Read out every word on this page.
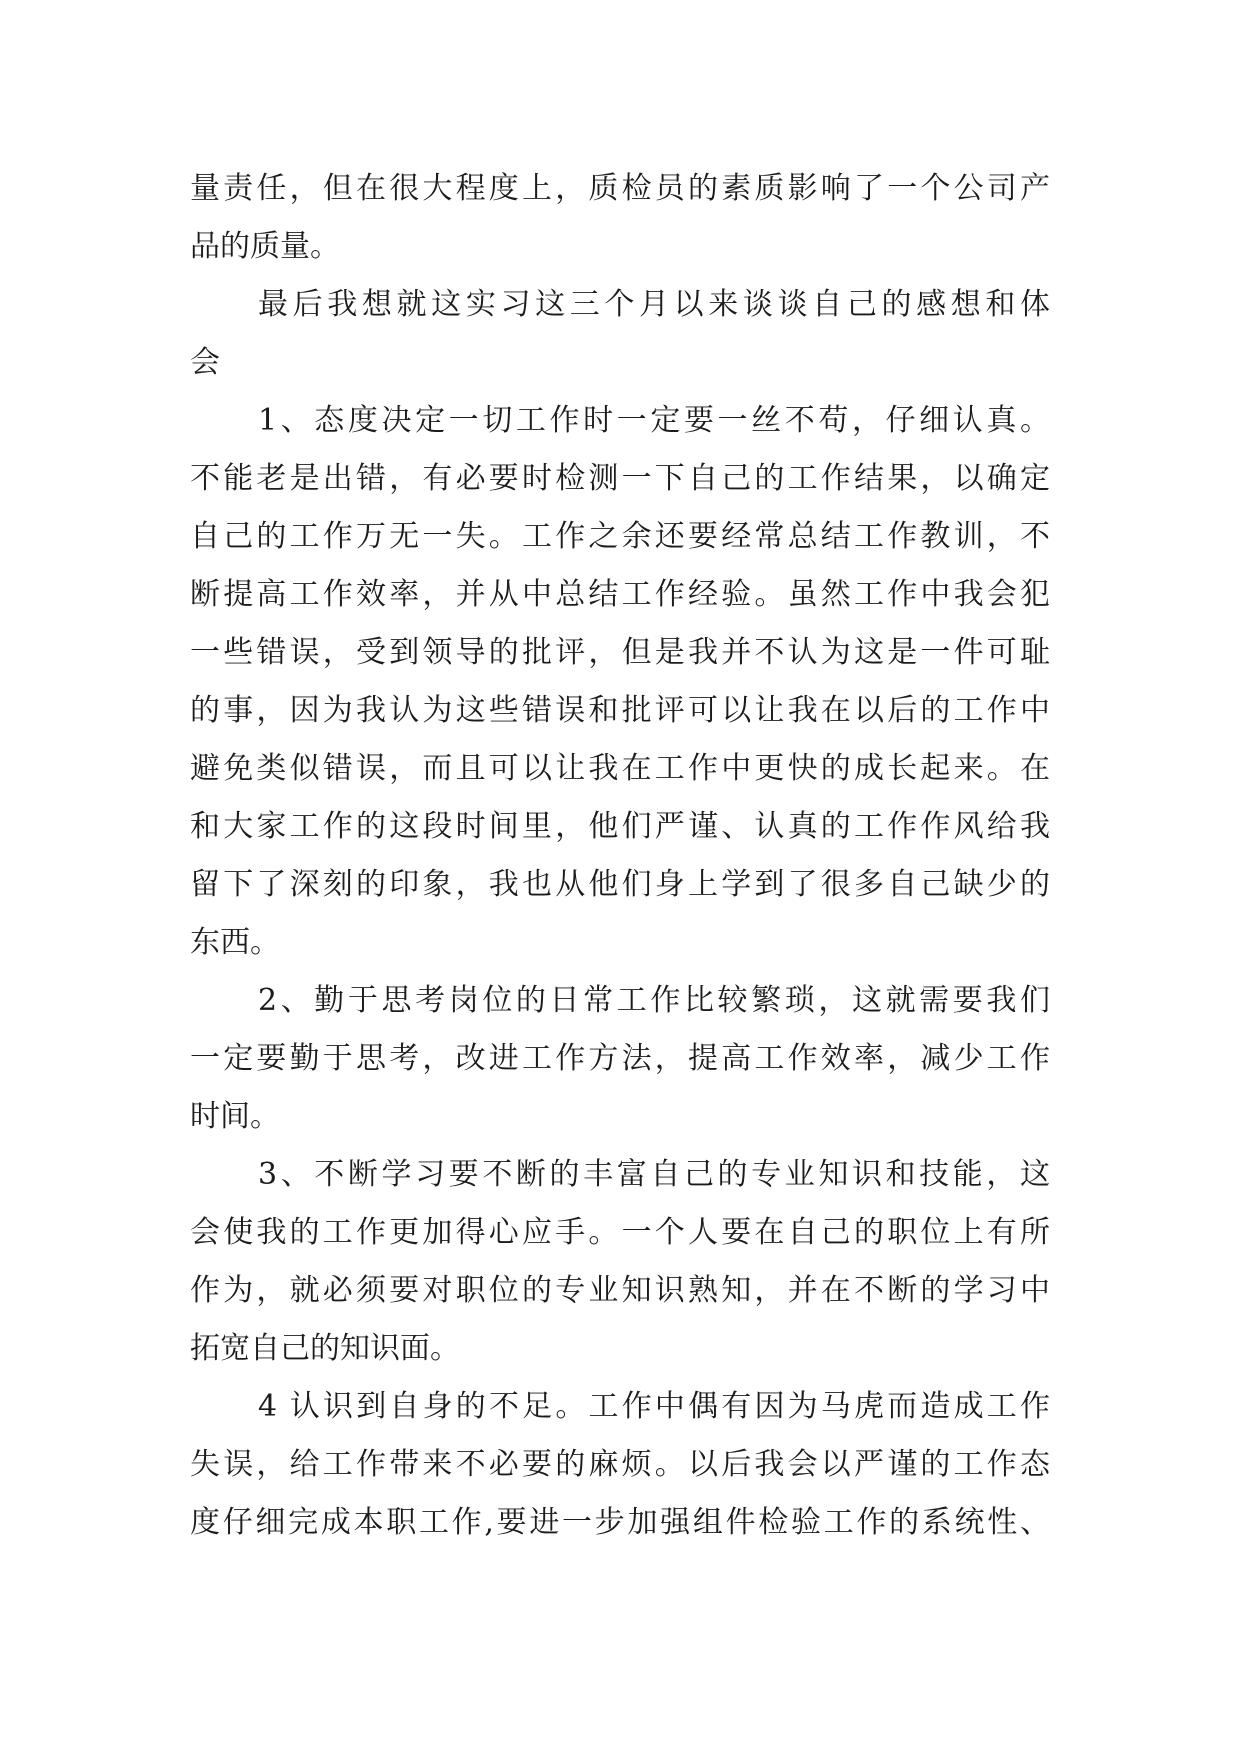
量责任，但在很大程度上，质检员的素质影响了一个公司产
品的质量。
最后我想就这实习这三个月以来谈谈自己的感想和体
会
1、态度决定一切工作时一定要一丝不苟，仔细认真。
不能老是出错，有必要时检测一下自己的工作结果，以确定
自己的工作万无一失。工作之余还要经常总结工作教训，不
断提高工作效率，并从中总结工作经验。虽然工作中我会犯
一些错误，受到领导的批评，但是我并不认为这是一件可耻
的事，因为我认为这些错误和批评可以让我在以后的工作中
避免类似错误，而且可以让我在工作中更快的成长起来。在
和大家工作的这段时间里，他们严谨、认真的工作作风给我
留下了深刻的印象，我也从他们身上学到了很多自己缺少的
东西。
2、勤于思考岗位的日常工作比较繁琐，这就需要我们
一定要勤于思考，改进工作方法，提高工作效率，减少工作
时间。
3、不断学习要不断的丰富自己的专业知识和技能，这
会使我的工作更加得心应手。一个人要在自己的职位上有所
作为，就必须要对职位的专业知识熟知，并在不断的学习中
拓宽自己的知识面。
4 认识到自身的不足。工作中偶有因为马虎而造成工作
失误，给工作带来不必要的麻烦。以后我会以严谨的工作态
度仔细完成本职工作,要进一步加强组件检验工作的系统性、
